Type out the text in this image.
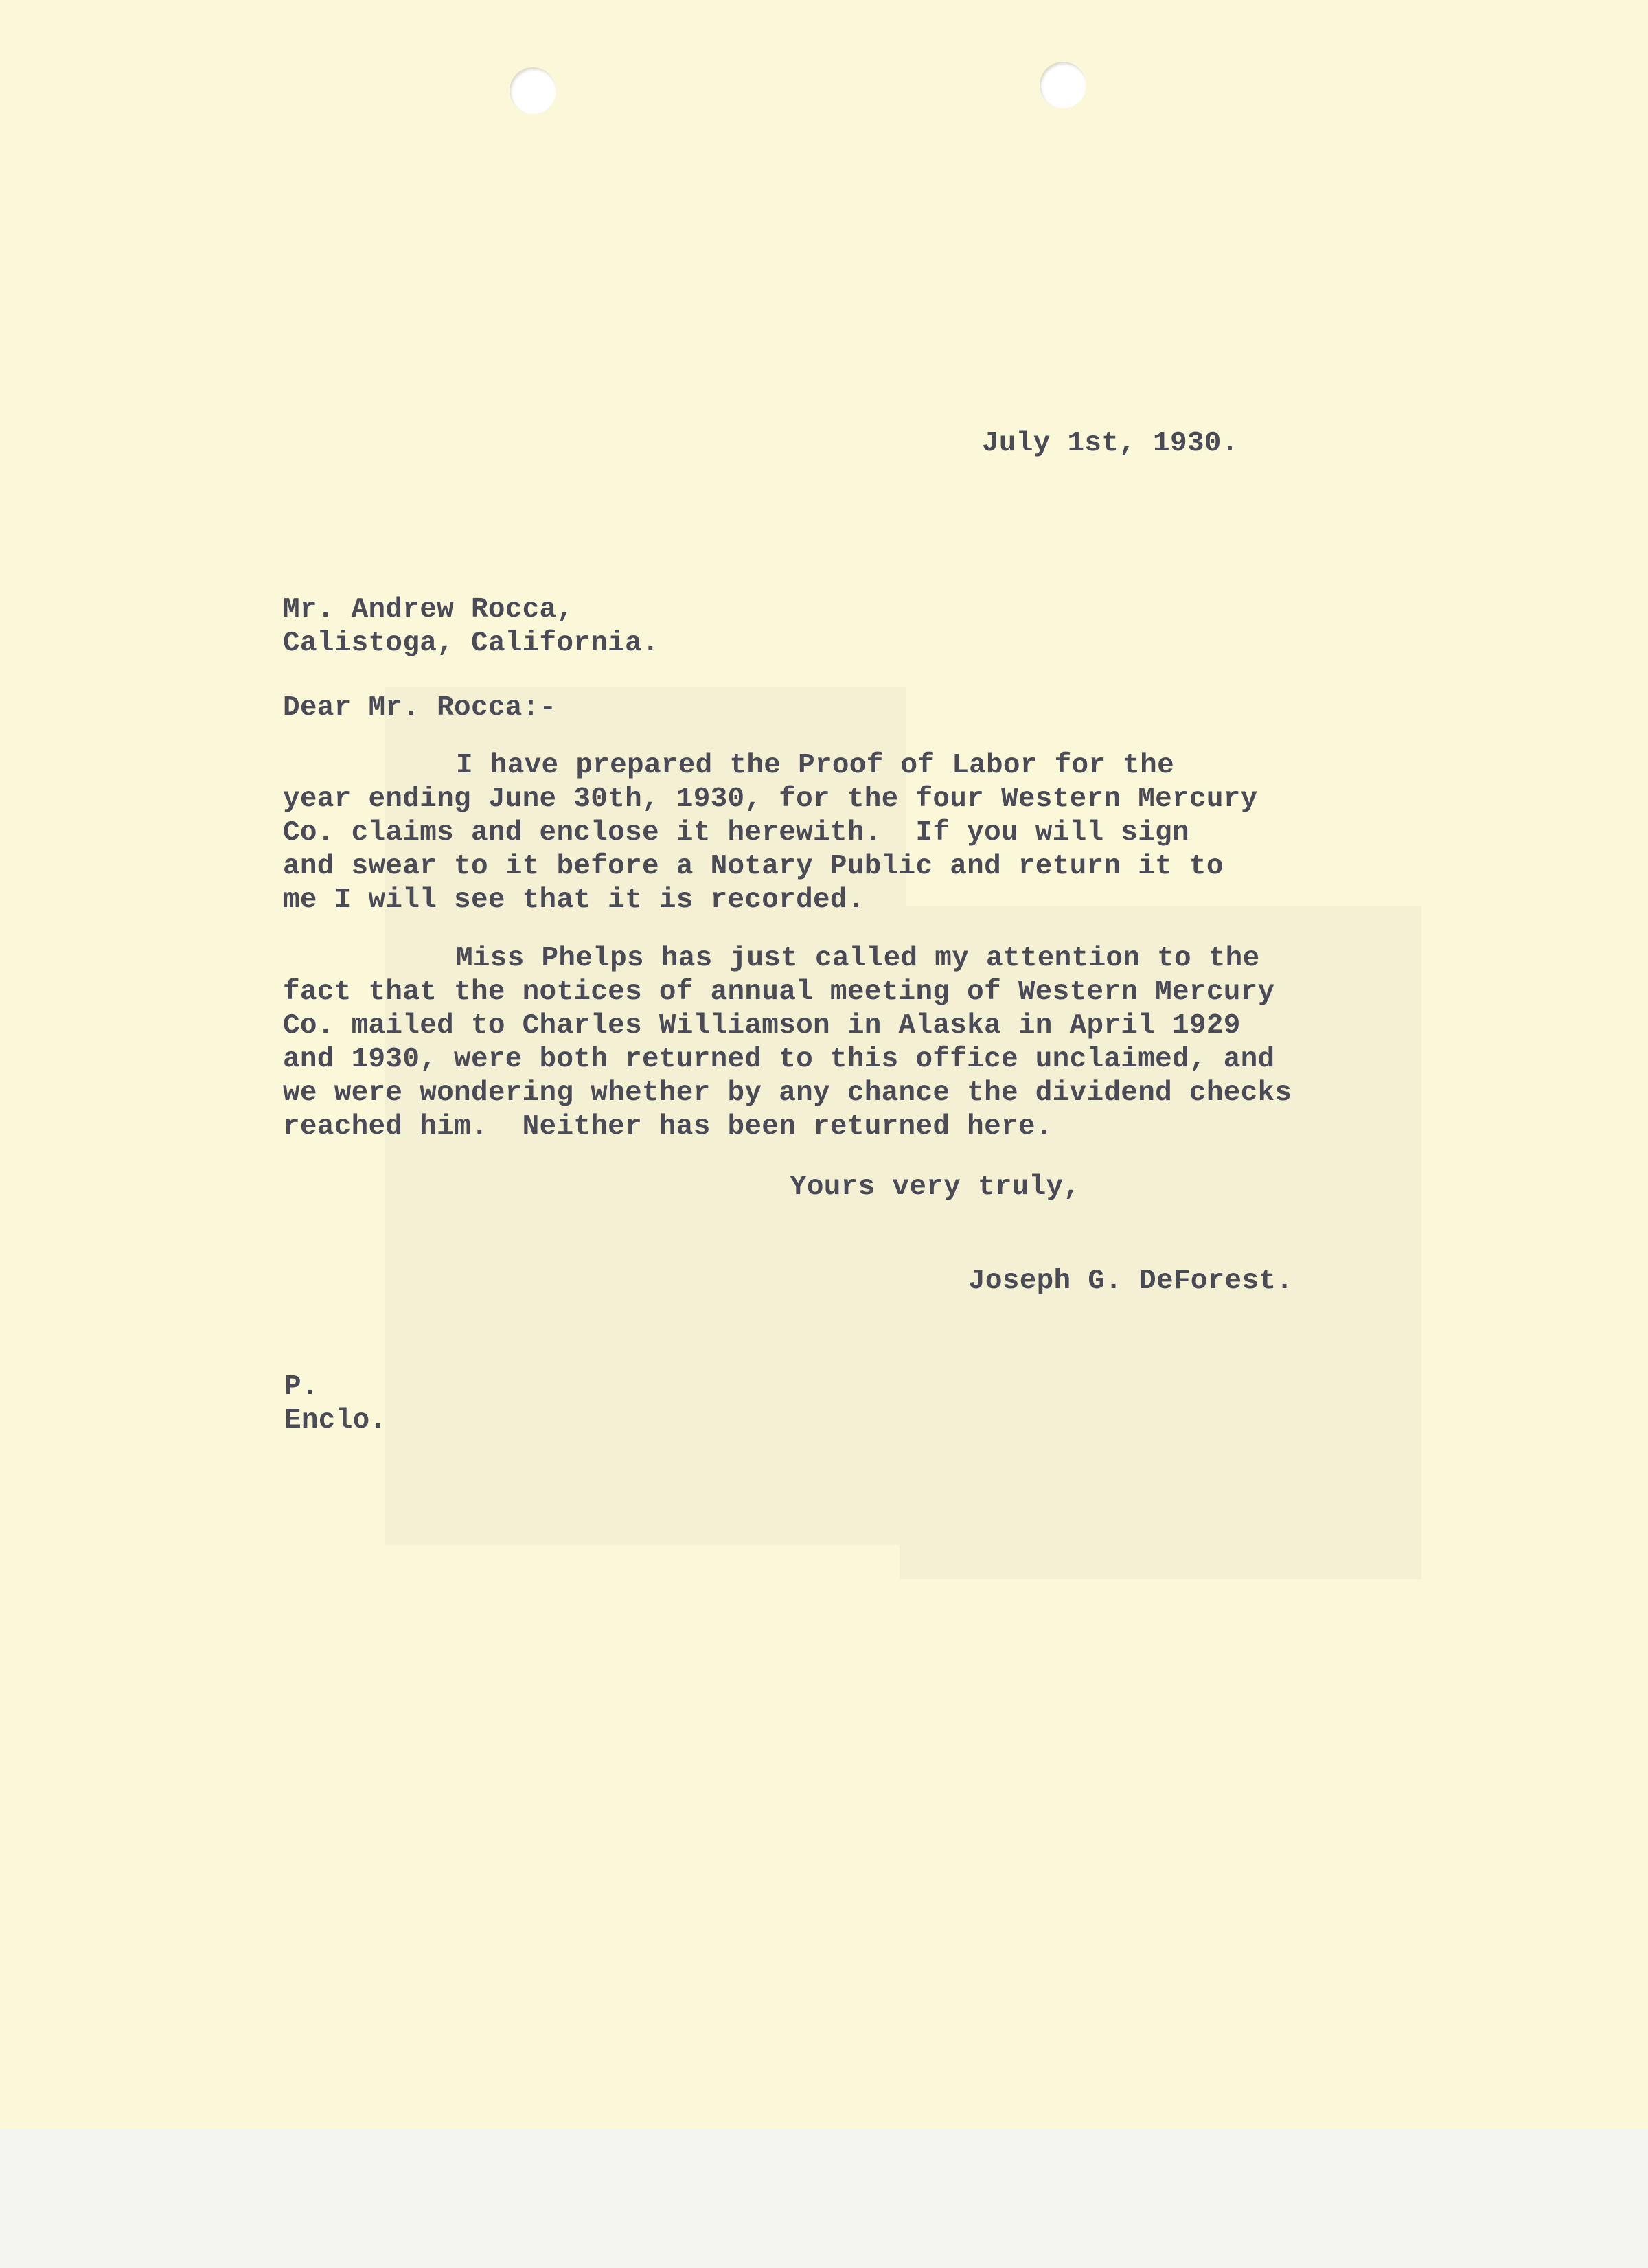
July 1st, 1930.
Mr. Andrew Rocca,
Calistoga, California.
Dear Mr. Rocca:-
I have prepared the Proof of Labor for the
year ending June 30th, 1930, for the four Western Mercury
Co. claims and enclose it herewith.  If you will sign
and swear to it before a Notary Public and return it to
me I will see that it is recorded.
Miss Phelps has just called my attention to the
fact that the notices of annual meeting of Western Mercury
Co. mailed to Charles Williamson in Alaska in April 1929
and 1930, were both returned to this office unclaimed, and
we were wondering whether by any chance the dividend checks
reached him.  Neither has been returned here.
Yours very truly,
Joseph G. DeForest.
P.
Enclo.
